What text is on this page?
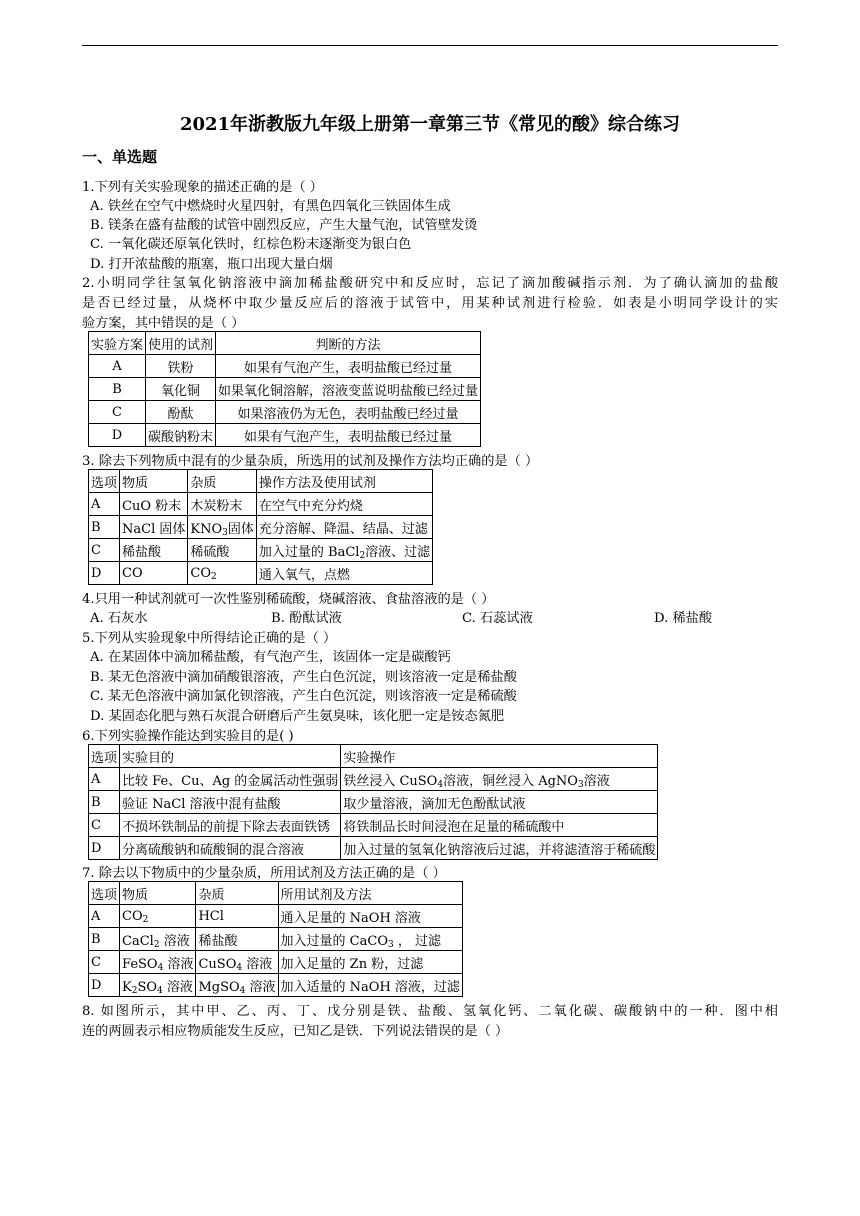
2021年浙教版九年级上册第一章第三节《常见的酸》综合练习
一、单选题
1.下列有关实验现象的描述正确的是（ ）
A. 铁丝在空气中燃烧时火星四射，有黑色四氧化三铁固体生成
B. 镁条在盛有盐酸的试管中剧烈反应，产生大量气泡，试管壁发烫
C. 一氧化碳还原氧化铁时，红棕色粉末逐渐变为银白色
D. 打开浓盐酸的瓶塞，瓶口出现大量白烟
2.小明同学往氢氧化钠溶液中滴加稀盐酸研究中和反应时，忘记了滴加酸碱指示剂．为了确认滴加的盐酸
是否已经过量，从烧杯中取少量反应后的溶液于试管中，用某种试剂进行检验．如表是小明同学设计的实
验方案，其中错误的是（ ）
实验方案	使用的试剂	判断的方法
A	铁粉	如果有气泡产生，表明盐酸已经过量
B	氧化铜	如果氧化铜溶解，溶液变蓝说明盐酸已经过量
C	酚酞	如果溶液仍为无色，表明盐酸已经过量
D	碳酸钠粉末	如果有气泡产生，表明盐酸已经过量
3. 除去下列物质中混有的少量杂质，所选用的试剂及操作方法均正确的是（ ）
选项	物质	杂质	操作方法及使用试剂
A	CuO 粉末	木炭粉末	在空气中充分灼烧
B	NaCl 固体	$KNO_3$固体	充分溶解、降温、结晶、过滤
C	稀盐酸	稀硫酸	加入过量的 BaCl$_2$溶液、过滤
D	CO	$CO_2$	通入氧气，点燃
4.只用一种试剂就可一次性鉴别稀硫酸，烧碱溶液、食盐溶液的是（ ）
A. 石灰水	B. 酚酞试液	C. 石蕊试液	D. 稀盐酸
5.下列从实验现象中所得结论正确的是（ ）
A. 在某固体中滴加稀盐酸，有气泡产生，该固体一定是碳酸钙
B. 某无色溶液中滴加硝酸银溶液，产生白色沉淀，则该溶液一定是稀盐酸
C. 某无色溶液中滴加氯化钡溶液，产生白色沉淀，则该溶液一定是稀硫酸
D. 某固态化肥与熟石灰混合研磨后产生氨臭味，该化肥一定是铵态氮肥
6.下列实验操作能达到实验目的是( )
选项	实验目的	实验操作
A	比较 Fe、Cu、Ag 的金属活动性强弱	铁丝浸入 CuSO$_4$溶液，铜丝浸入 AgNO$_3$溶液
B	验证 NaCl 溶液中混有盐酸	取少量溶液，滴加无色酚酞试液
C	不损坏铁制品的前提下除去表面铁锈	将铁制品长时间浸泡在足量的稀硫酸中
D	分离硫酸钠和硫酸铜的混合溶液	加入过量的氢氧化钠溶液后过滤，并将滤渣溶于稀硫酸
7. 除去以下物质中的少量杂质，所用试剂及方法正确的是（ ）
选项	物质	杂质	所用试剂及方法
A	$CO_2$	HCl	通入足量的 NaOH 溶液
B	CaCl$_2$ 溶液	稀盐酸	加入过量的 CaCO$_3$ ， 过滤
C	FeSO$_4$ 溶液	CuSO$_4$ 溶液	加入足量的 Zn 粉，过滤
D	$K_2SO_4$ 溶液	MgSO$_4$ 溶液	加入适量的 NaOH 溶液，过滤
8. 如图所示，其中甲、乙、丙、丁、戊分别是铁、盐酸、氢氧化钙、二氧化碳、碳酸钠中的一种．图中相
连的两圆表示相应物质能发生反应，已知乙是铁．下列说法错误的是（ ）
